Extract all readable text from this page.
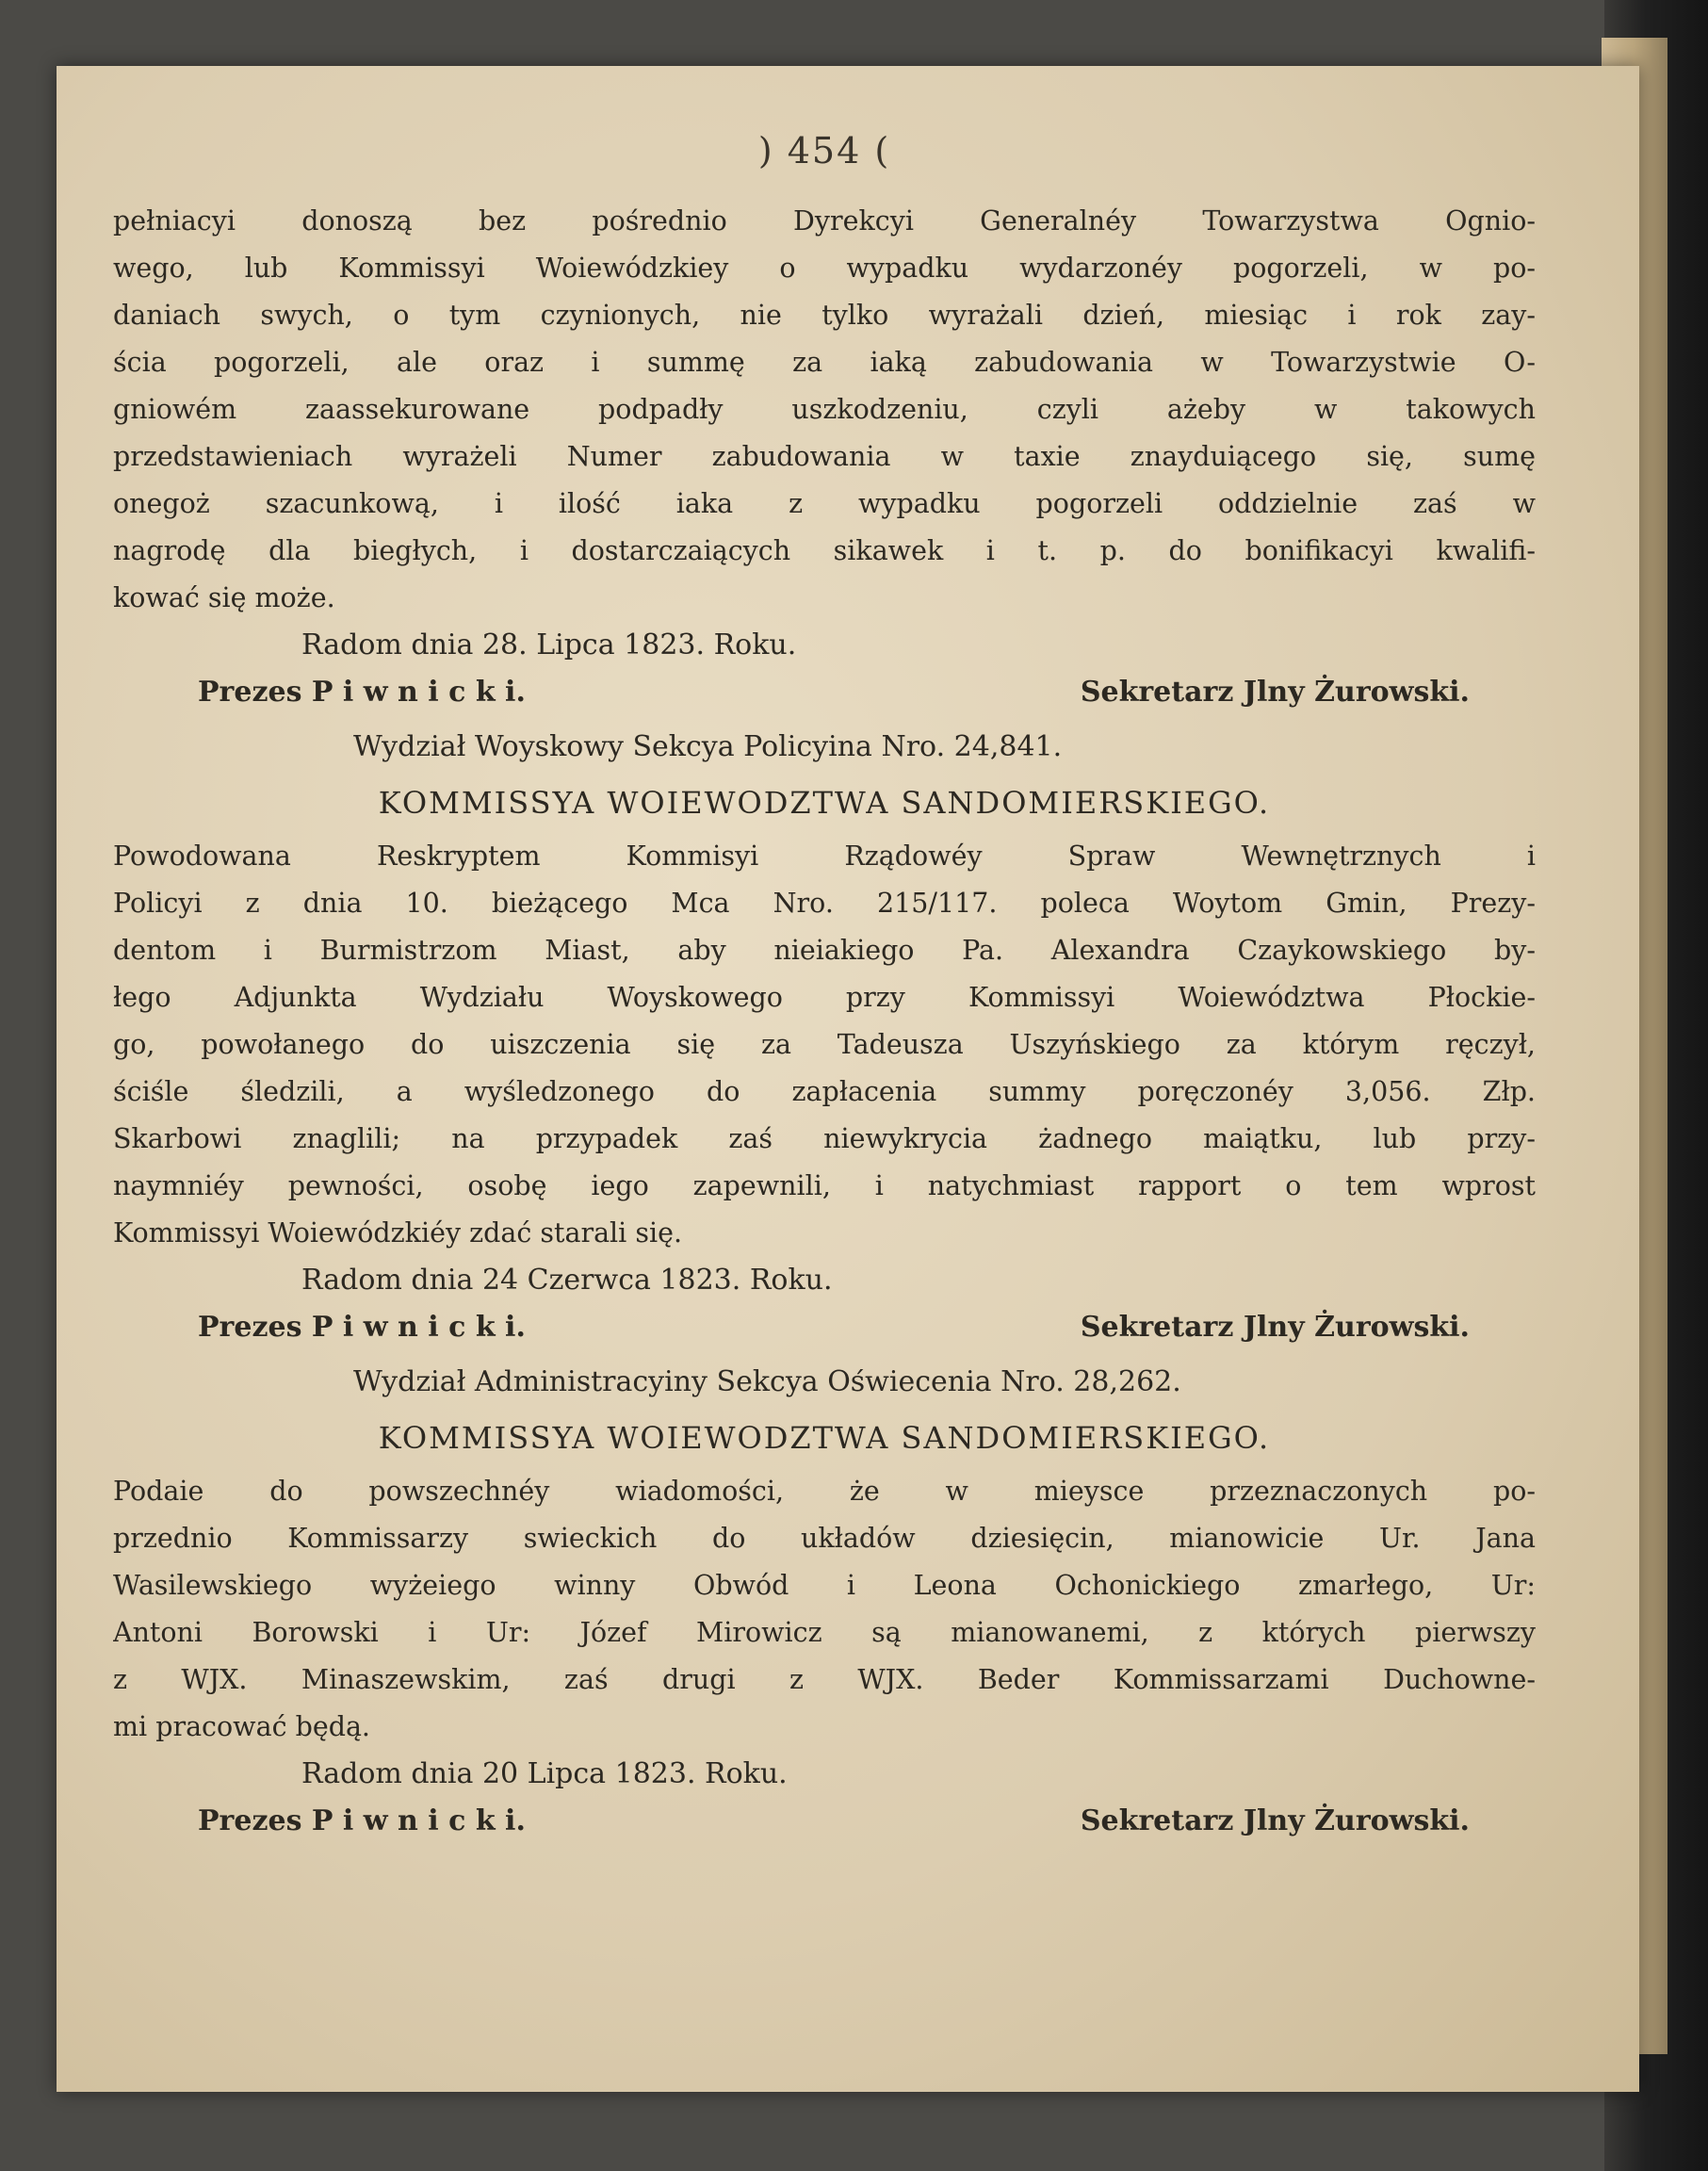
) 454 (
pełniacyi donoszą bez pośrednio Dyrekcyi Generalnéy Towarzystwa Ognio-
wego, lub Kommissyi Woiewódzkiey o wypadku wydarzonéy pogorzeli, w po-
daniach swych, o tym czynionych, nie tylko wyrażali dzień, miesiąc i rok zay-
ścia pogorzeli, ale oraz i summę za iaką zabudowania w Towarzystwie O-
gniowém zaassekurowane podpadły uszkodzeniu, czyli ażeby w takowych
przedstawieniach wyrażeli Numer zabudowania w taxie znayduiącego się, sumę
onegoż szacunkową, i ilość iaka z wypadku pogorzeli oddzielnie zaś w
nagrodę dla biegłych, i dostarczaiących sikawek i t. p. do bonifikacyi kwalifi-
kować się może.
Radom dnia 28. Lipca 1823. Roku.
Prezes P i w n i c k i.	Sekretarz Jlny Żurowski.
Wydział Woyskowy Sekcya Policyina Nro. 24,841.
KOMMISSYA WOIEWODZTWA SANDOMIERSKIEGO.
Powodowana Reskryptem Kommisyi Rządowéy Spraw Wewnętrznych i
Policyi z dnia 10. bieżącego Mca Nro. 215/117. poleca Woytom Gmin, Prezy-
dentom i Burmistrzom Miast, aby nieiakiego Pa. Alexandra Czaykowskiego by-
łego Adjunkta Wydziału Woyskowego przy Kommissyi Woiewództwa Płockie-
go, powołanego do uiszczenia się za Tadeusza Uszyńskiego za którym ręczył,
ściśle śledzili, a wyśledzonego do zapłacenia summy poręczonéy 3,056. Złp.
Skarbowi znaglili; na przypadek zaś niewykrycia żadnego maiątku, lub przy-
naymniéy pewności, osobę iego zapewnili, i natychmiast rapport o tem wprost
Kommissyi Woiewódzkiéy zdać starali się.
Radom dnia 24 Czerwca 1823. Roku.
Prezes P i w n i c k i.	Sekretarz Jlny Żurowski.
Wydział Administracyiny Sekcya Oświecenia Nro. 28,262.
KOMMISSYA WOIEWODZTWA SANDOMIERSKIEGO.
Podaie do powszechnéy wiadomości, że w mieysce przeznaczonych po-
przednio Kommissarzy swieckich do układów dziesięcin, mianowicie Ur. Jana
Wasilewskiego wyżeiego winny Obwód i Leona Ochonickiego zmarłego, Ur:
Antoni Borowski i Ur: Józef Mirowicz są mianowanemi, z których pierwszy
z WJX. Minaszewskim, zaś drugi z WJX. Beder Kommissarzami Duchowne-
mi pracować będą.
Radom dnia 20 Lipca 1823. Roku.
Prezes P i w n i c k i.	Sekretarz Jlny Żurowski.
